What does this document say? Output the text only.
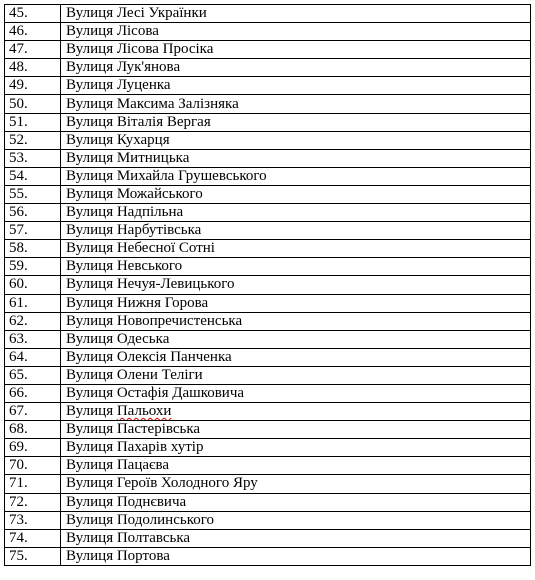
45.	Вулиця Лесі Українки
46.	Вулиця Лісова
47.	Вулиця Лісова Просіка
48.	Вулиця Лук'янова
49.	Вулиця Луценка
50.	Вулиця Максима Залізняка
51.	Вулиця Віталія Вергая
52.	Вулиця Кухарця
53.	Вулиця Митницька
54.	Вулиця Михайла Грушевського
55.	Вулиця Можайського
56.	Вулиця Надпільна
57.	Вулиця Нарбутівська
58.	Вулиця Небесної Сотні
59.	Вулиця Невського
60.	Вулиця Нечуя-Левицького
61.	Вулиця Нижня Горова
62.	Вулиця Новопречистенська
63.	Вулиця Одеська
64.	Вулиця Олексія Панченка
65.	Вулиця Олени Теліги
66.	Вулиця Остафія Дашковича
67.	Вулиця Пальохи
68.	Вулиця Пастерівська
69.	Вулиця Пахарів хутір
70.	Вулиця Пацаєва
71.	Вулиця Героїв Холодного Яру
72.	Вулиця Поднєвича
73.	Вулиця Подолинського
74.	Вулиця Полтавська
75.	Вулиця Портова
